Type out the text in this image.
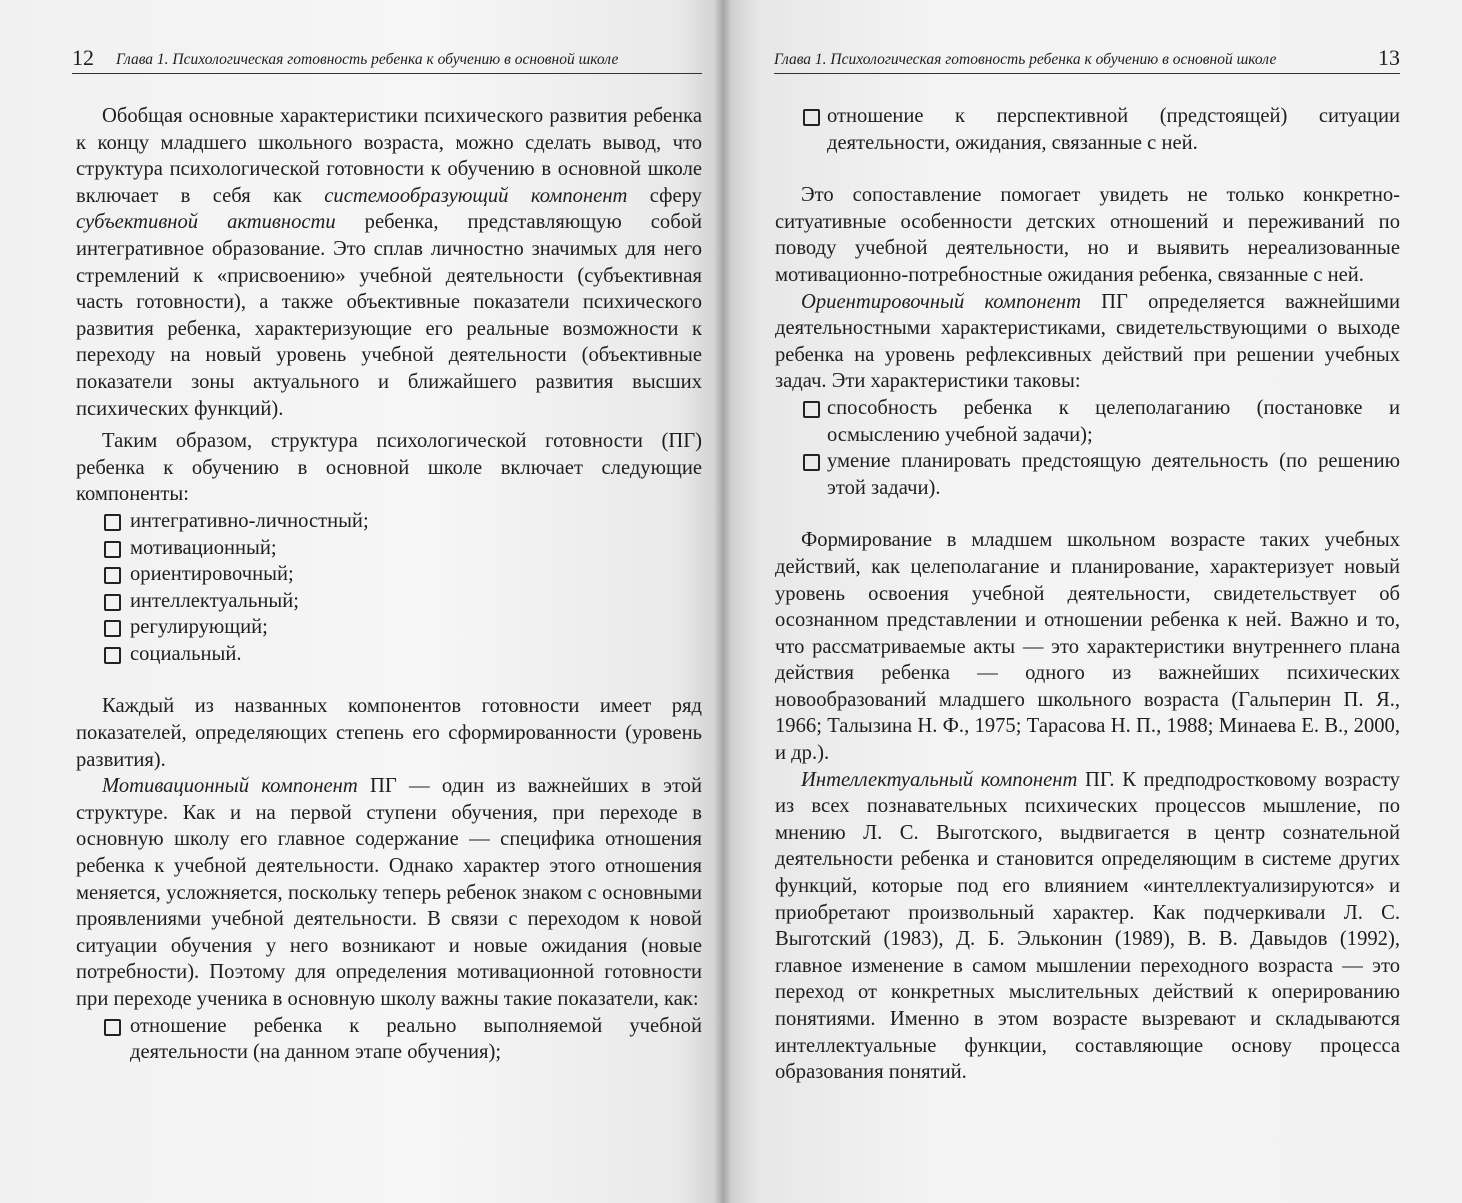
12 Глава 1. Психологическая готовность ребенка к обучению в основной школе

Обобщая основные характеристики психического развития ребенка к концу младшего школьного возраста, можно сделать вывод, что структура психологической готовности к обучению в основной школе включает в себя как системообразующий компонент сферу субъективной активности ребенка, представляющую собой интегративное образование. Это сплав личностно значимых для него стремлений к «присвоению» учебной деятельности (субъективная часть готовности), а также объективные показатели психического развития ребенка, характеризующие его реальные возможности к переходу на новый уровень учебной деятельности (объективные показатели зоны актуального и ближайшего развития высших психических функций).

Таким образом, структура психологической готовности (ПГ) ребенка к обучению в основной школе включает следующие компоненты:

интегративно-личностный;
мотивационный;
ориентировочный;
интеллектуальный;
регулирующий;
социальный.

Каждый из названных компонентов готовности имеет ряд показателей, определяющих степень его сформированности (уровень развития).

Мотивационный компонент ПГ — один из важнейших в этой структуре. Как и на первой ступени обучения, при переходе в основную школу его главное содержание — специфика отношения ребенка к учебной деятельности. Однако характер этого отношения меняется, усложняется, поскольку теперь ребенок знаком с основными проявлениями учебной деятельности. В связи с переходом к новой ситуации обучения у него возникают и новые ожидания (новые потребности). Поэтому для определения мотивационной готовности при переходе ученика в основную школу важны такие показатели, как:

отношение ребенка к реально выполняемой учебной деятельности (на данном этапе обучения);
Глава 1. Психологическая готовность ребенка к обучению в основной школе	13
отношение к перспективной (предстоящей) ситуации деятельности, ожидания, связанные с ней.

Это сопоставление помогает увидеть не только конкретно-ситуативные особенности детских отношений и переживаний по поводу учебной деятельности, но и выявить нереализованные мотивационно-потребностные ожидания ребенка, связанные с ней.

Ориентировочный компонент ПГ определяется важнейшими деятельностными характеристиками, свидетельствующими о выходе ребенка на уровень рефлексивных действий при решении учебных задач. Эти характеристики таковы:

способность ребенка к целеполаганию (постановке и осмыслению учебной задачи);
умение планировать предстоящую деятельность (по решению этой задачи).

Формирование в младшем школьном возрасте таких учебных действий, как целеполагание и планирование, характеризует новый уровень освоения учебной деятельности, свидетельствует об осознанном представлении и отношении ребенка к ней. Важно и то, что рассматриваемые акты — это характеристики внутреннего плана действия ребенка — одного из важнейших психических новообразований младшего школьного возраста (Гальперин П. Я., 1966; Талызина Н. Ф., 1975; Тарасова Н. П., 1988; Минаева Е. В., 2000, и др.).

Интеллектуальный компонент ПГ. К предподростковому возрасту из всех познавательных психических процессов мышление, по мнению Л. С. Выготского, выдвигается в центр сознательной деятельности ребенка и становится определяющим в системе других функций, которые под его влиянием «интеллектуализируются» и приобретают произвольный характер. Как подчеркивали Л. С. Выготский (1983), Д. Б. Эльконин (1989), В. В. Давыдов (1992), главное изменение в самом мышлении переходного возраста — это переход от конкретных мыслительных действий к оперированию понятиями. Именно в этом возрасте вызревают и складываются интеллектуальные функции, составляющие основу процесса образования понятий.
